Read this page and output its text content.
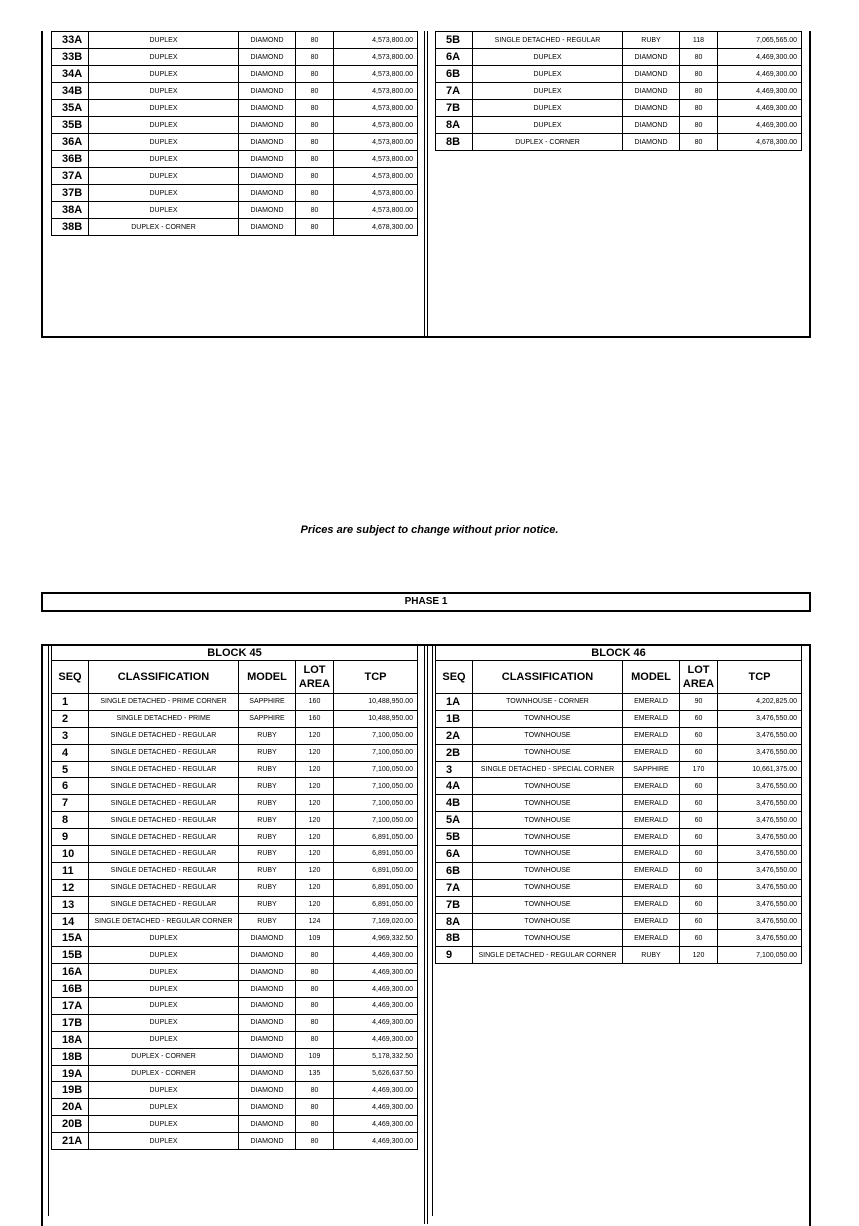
33A	DUPLEX	DIAMOND	80	4,573,800.00
33B	DUPLEX	DIAMOND	80	4,573,800.00
34A	DUPLEX	DIAMOND	80	4,573,800.00
34B	DUPLEX	DIAMOND	80	4,573,800.00
35A	DUPLEX	DIAMOND	80	4,573,800.00
35B	DUPLEX	DIAMOND	80	4,573,800.00
36A	DUPLEX	DIAMOND	80	4,573,800.00
36B	DUPLEX	DIAMOND	80	4,573,800.00
37A	DUPLEX	DIAMOND	80	4,573,800.00
37B	DUPLEX	DIAMOND	80	4,573,800.00
38A	DUPLEX	DIAMOND	80	4,573,800.00
38B	DUPLEX - CORNER	DIAMOND	80	4,678,300.00
5B	SINGLE DETACHED - REGULAR	RUBY	118	7,065,565.00
6A	DUPLEX	DIAMOND	80	4,469,300.00
6B	DUPLEX	DIAMOND	80	4,469,300.00
7A	DUPLEX	DIAMOND	80	4,469,300.00
7B	DUPLEX	DIAMOND	80	4,469,300.00
8A	DUPLEX	DIAMOND	80	4,469,300.00
8B	DUPLEX - CORNER	DIAMOND	80	4,678,300.00
Prices are subject to change without prior notice.
PHASE 1
BLOCK 45				
SEQ	CLASSIFICATION	MODEL	LOT AREA	TCP
1	SINGLE DETACHED - PRIME CORNER	SAPPHIRE	160	10,488,950.00
2	SINGLE DETACHED - PRIME	SAPPHIRE	160	10,488,950.00
3	SINGLE DETACHED - REGULAR	RUBY	120	7,100,050.00
4	SINGLE DETACHED - REGULAR	RUBY	120	7,100,050.00
5	SINGLE DETACHED - REGULAR	RUBY	120	7,100,050.00
6	SINGLE DETACHED - REGULAR	RUBY	120	7,100,050.00
7	SINGLE DETACHED - REGULAR	RUBY	120	7,100,050.00
8	SINGLE DETACHED - REGULAR	RUBY	120	7,100,050.00
9	SINGLE DETACHED - REGULAR	RUBY	120	6,891,050.00
10	SINGLE DETACHED - REGULAR	RUBY	120	6,891,050.00
11	SINGLE DETACHED - REGULAR	RUBY	120	6,891,050.00
12	SINGLE DETACHED - REGULAR	RUBY	120	6,891,050.00
13	SINGLE DETACHED - REGULAR	RUBY	120	6,891,050.00
14	SINGLE DETACHED - REGULAR CORNER	RUBY	124	7,169,020.00
15A	DUPLEX	DIAMOND	109	4,969,332.50
15B	DUPLEX	DIAMOND	80	4,469,300.00
16A	DUPLEX	DIAMOND	80	4,469,300.00
16B	DUPLEX	DIAMOND	80	4,469,300.00
17A	DUPLEX	DIAMOND	80	4,469,300.00
17B	DUPLEX	DIAMOND	80	4,469,300.00
18A	DUPLEX	DIAMOND	80	4,469,300.00
18B	DUPLEX - CORNER	DIAMOND	109	5,178,332.50
19A	DUPLEX - CORNER	DIAMOND	135	5,626,637.50
19B	DUPLEX	DIAMOND	80	4,469,300.00
20A	DUPLEX	DIAMOND	80	4,469,300.00
20B	DUPLEX	DIAMOND	80	4,469,300.00
21A	DUPLEX	DIAMOND	80	4,469,300.00
BLOCK 46				
SEQ	CLASSIFICATION	MODEL	LOT AREA	TCP
1A	TOWNHOUSE - CORNER	EMERALD	90	4,202,825.00
1B	TOWNHOUSE	EMERALD	60	3,476,550.00
2A	TOWNHOUSE	EMERALD	60	3,476,550.00
2B	TOWNHOUSE	EMERALD	60	3,476,550.00
3	SINGLE DETACHED - SPECIAL CORNER	SAPPHIRE	170	10,661,375.00
4A	TOWNHOUSE	EMERALD	60	3,476,550.00
4B	TOWNHOUSE	EMERALD	60	3,476,550.00
5A	TOWNHOUSE	EMERALD	60	3,476,550.00
5B	TOWNHOUSE	EMERALD	60	3,476,550.00
6A	TOWNHOUSE	EMERALD	60	3,476,550.00
6B	TOWNHOUSE	EMERALD	60	3,476,550.00
7A	TOWNHOUSE	EMERALD	60	3,476,550.00
7B	TOWNHOUSE	EMERALD	60	3,476,550.00
8A	TOWNHOUSE	EMERALD	60	3,476,550.00
8B	TOWNHOUSE	EMERALD	60	3,476,550.00
9	SINGLE DETACHED - REGULAR CORNER	RUBY	120	7,100,050.00
